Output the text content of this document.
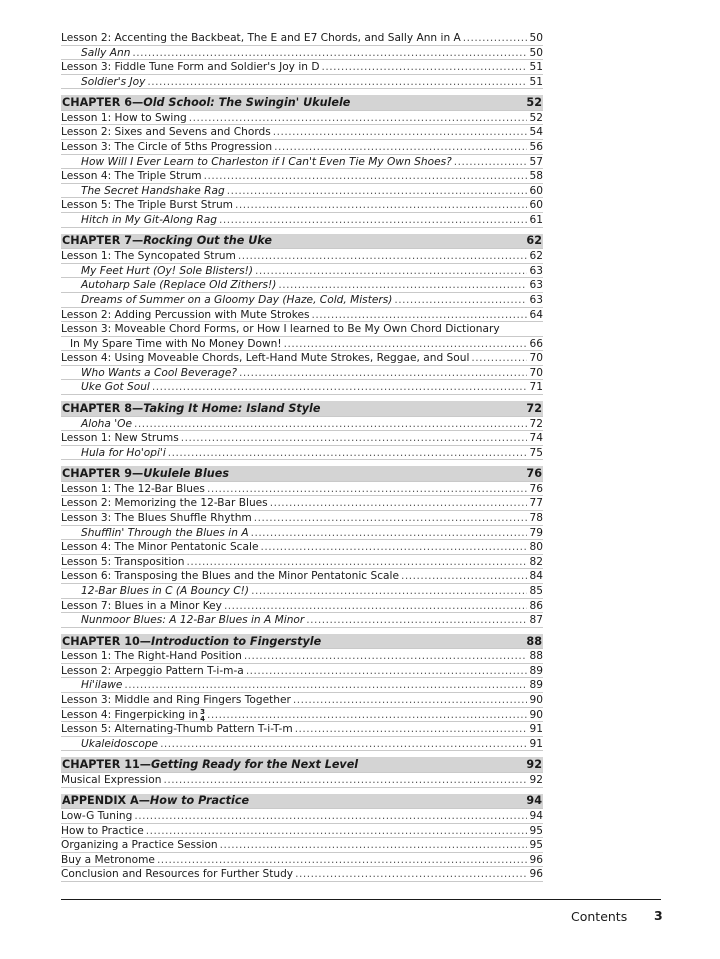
Lesson 2: Accenting the Backbeat, The E and E7 Chords, and Sally Ann in A .....	50
Sally Ann .....	50
Lesson 3: Fiddle Tune Form and Soldier's Joy in D .....	51
Soldier's Joy .....	51
CHAPTER 6—Old School: The Swingin' Ukulele	52
Lesson 1: How to Swing .....	52
Lesson 2: Sixes and Sevens and Chords .....	54
Lesson 3: The Circle of 5ths Progression .....	56
How Will I Ever Learn to Charleston if I Can't Even Tie My Own Shoes? .....	57
Lesson 4: The Triple Strum .....	58
The Secret Handshake Rag .....	60
Lesson 5: The Triple Burst Strum .....	60
Hitch in My Git-Along Rag .....	61
CHAPTER 7—Rocking Out the Uke	62
Lesson 1: The Syncopated Strum .....	62
My Feet Hurt (Oy! Sole Blisters!) .....	63
Autoharp Sale (Replace Old Zithers!) .....	63
Dreams of Summer on a Gloomy Day (Haze, Cold, Misters) .....	63
Lesson 2: Adding Percussion with Mute Strokes .....	64
Lesson 3: Moveable Chord Forms, or How I learned to Be My Own Chord Dictionary
In My Spare Time with No Money Down! .....	66
Lesson 4: Using Moveable Chords, Left-Hand Mute Strokes, Reggae, and Soul .....	70
Who Wants a Cool Beverage? .....	70
Uke Got Soul .....	71
CHAPTER 8—Taking It Home: Island Style	72
Aloha 'Oe .....	72
Lesson 1: New Strums .....	74
Hula for Ho'opi'i .....	75
CHAPTER 9—Ukulele Blues	76
Lesson 1: The 12-Bar Blues .....	76
Lesson 2: Memorizing the 12-Bar Blues .....	77
Lesson 3: The Blues Shuffle Rhythm .....	78
Shufflin' Through the Blues in A .....	79
Lesson 4: The Minor Pentatonic Scale .....	80
Lesson 5: Transposition .....	82
Lesson 6: Transposing the Blues and the Minor Pentatonic Scale .....	84
12-Bar Blues in C (A Bouncy C!) .....	85
Lesson 7: Blues in a Minor Key .....	86
Nunmoor Blues: A 12-Bar Blues in A Minor .....	87
CHAPTER 10—Introduction to Fingerstyle	88
Lesson 1: The Right-Hand Position .....	88
Lesson 2: Arpeggio Pattern T-i-m-a .....	89
Hi'ilawe .....	89
Lesson 3: Middle and Ring Fingers Together .....	90
Lesson 4: Fingerpicking in 3
4 .....	90
Lesson 5: Alternating-Thumb Pattern T-i-T-m .....	91
Ukaleidoscope .....	91
CHAPTER 11—Getting Ready for the Next Level	92
Musical Expression .....	92
APPENDIX A—How to Practice	94
Low-G Tuning .....	94
How to Practice .....	95
Organizing a Practice Session .....	95
Buy a Metronome .....	96
Conclusion and Resources for Further Study .....	96
Contents 3
